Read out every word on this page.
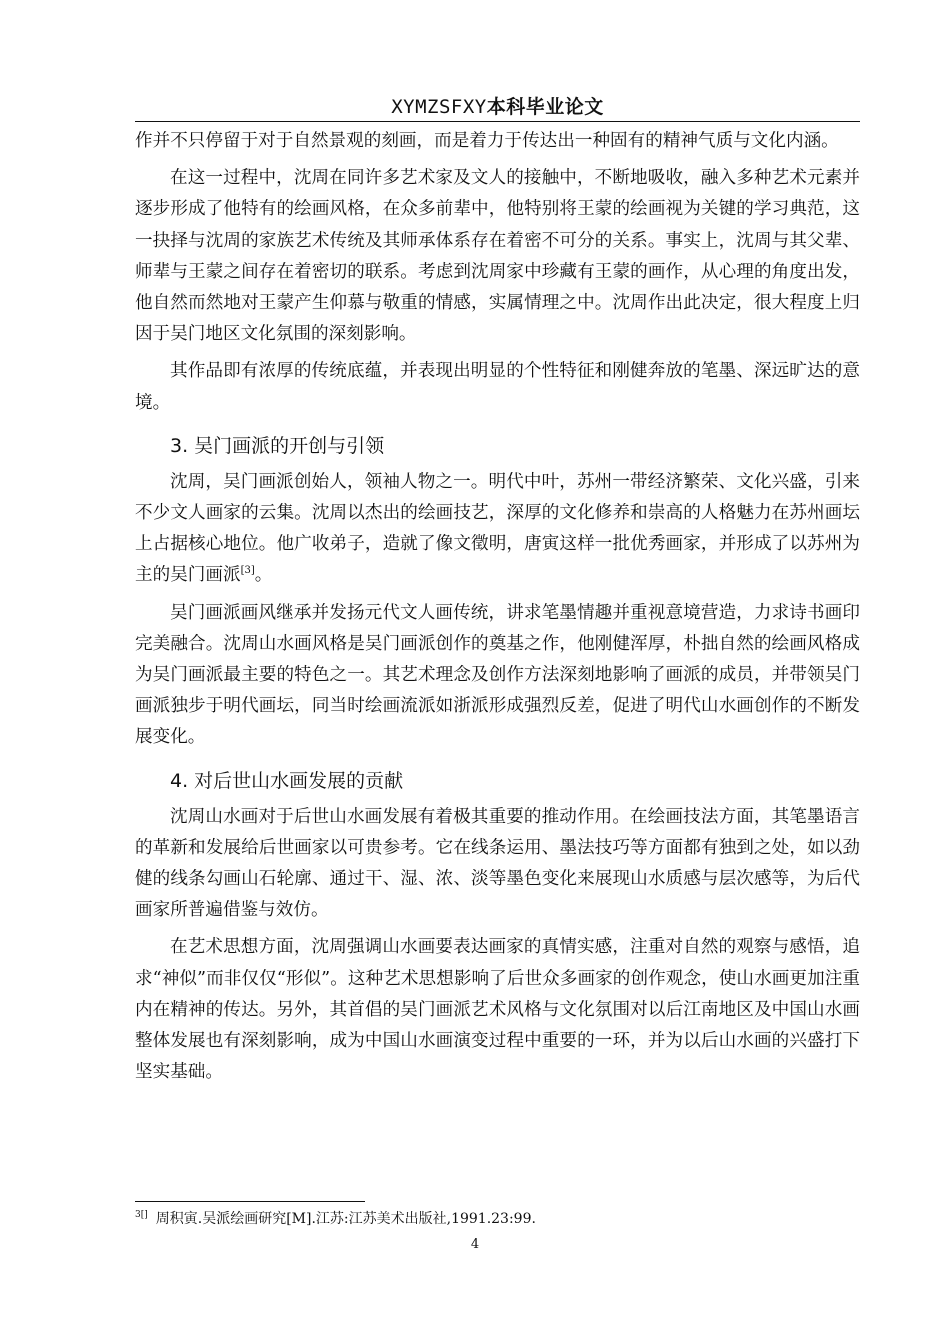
XYMZSFXY本科毕业论文

作并不只停留于对于自然景观的刻画，而是着力于传达出一种固有的精神气质与文化内涵。

在这一过程中，沈周在同许多艺术家及文人的接触中，不断地吸收，融入多种艺术元素并逐步形成了他特有的绘画风格，在众多前辈中，他特别将王蒙的绘画视为关键的学习典范，这一抉择与沈周的家族艺术传统及其师承体系存在着密不可分的关系。事实上，沈周与其父辈、师辈与王蒙之间存在着密切的联系。考虑到沈周家中珍藏有王蒙的画作，从心理的角度出发，他自然而然地对王蒙产生仰慕与敬重的情感，实属情理之中。沈周作出此决定，很大程度上归因于吴门地区文化氛围的深刻影响。

其作品即有浓厚的传统底蕴，并表现出明显的个性特征和刚健奔放的笔墨、深远旷达的意境。

3. 吴门画派的开创与引领

沈周，吴门画派创始人，领袖人物之一。明代中叶，苏州一带经济繁荣、文化兴盛，引来不少文人画家的云集。沈周以杰出的绘画技艺，深厚的文化修养和崇高的人格魅力在苏州画坛上占据核心地位。他广收弟子，造就了像文徵明，唐寅这样一批优秀画家，并形成了以苏州为主的吴门画派[3]。

吴门画派画风继承并发扬元代文人画传统，讲求笔墨情趣并重视意境营造，力求诗书画印完美融合。沈周山水画风格是吴门画派创作的奠基之作，他刚健浑厚，朴拙自然的绘画风格成为吴门画派最主要的特色之一。其艺术理念及创作方法深刻地影响了画派的成员，并带领吴门画派独步于明代画坛，同当时绘画流派如浙派形成强烈反差，促进了明代山水画创作的不断发展变化。

4. 对后世山水画发展的贡献

沈周山水画对于后世山水画发展有着极其重要的推动作用。在绘画技法方面，其笔墨语言的革新和发展给后世画家以可贵参考。它在线条运用、墨法技巧等方面都有独到之处，如以劲健的线条勾画山石轮廓、通过干、湿、浓、淡等墨色变化来展现山水质感与层次感等，为后代画家所普遍借鉴与效仿。

在艺术思想方面，沈周强调山水画要表达画家的真情实感，注重对自然的观察与感悟，追求“神似”而非仅仅“形似”。这种艺术思想影响了后世众多画家的创作观念，使山水画更加注重内在精神的传达。另外，其首倡的吴门画派艺术风格与文化氛围对以后江南地区及中国山水画整体发展也有深刻影响，成为中国山水画演变过程中重要的一环，并为以后山水画的兴盛打下坚实基础。

$^{3[]}$ 周积寅.吴派绘画研究[M].江苏:江苏美术出版社,1991.23:99.
4
